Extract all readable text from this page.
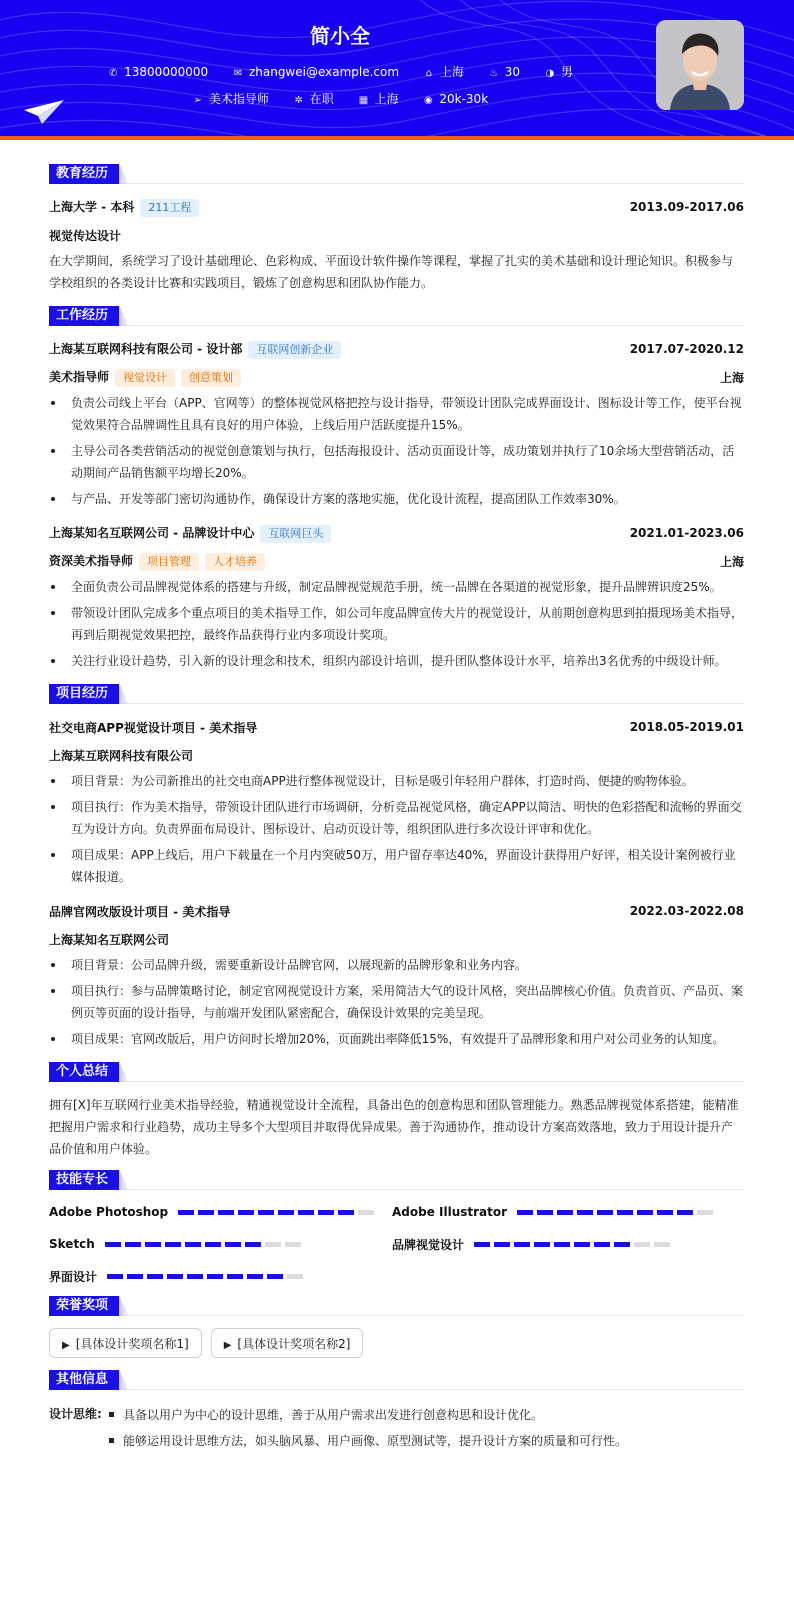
简小全
✆ 13800000000	✉ zhangwei@example.com	⌂ 上海	♨ 30	◑ 男
➢ 美术指导师	✲ 在职	▦ 上海	◉ 20k-30k
教育经历
上海大学 - 本科 211工程	2013.09-2017.06
视觉传达设计

在大学期间，系统学习了设计基础理论、色彩构成、平面设计软件操作等课程，掌握了扎实的美术基础和设计理论知识。积极参与学校组织的各类设计比赛和实践项目，锻炼了创意构思和团队协作能力。

工作经历
上海某互联网科技有限公司 - 设计部 互联网创新企业	2017.07-2020.12
美术指导师 视觉设计 创意策划	上海
负责公司线上平台（APP、官网等）的整体视觉风格把控与设计指导，带领设计团队完成界面设计、图标设计等工作，使平台视觉效果符合品牌调性且具有良好的用户体验，上线后用户活跃度提升15%。
主导公司各类营销活动的视觉创意策划与执行，包括海报设计、活动页面设计等，成功策划并执行了10余场大型营销活动，活动期间产品销售额平均增长20%。
与产品、开发等部门密切沟通协作，确保设计方案的落地实施，优化设计流程，提高团队工作效率30%。
上海某知名互联网公司 - 品牌设计中心 互联网巨头	2021.01-2023.06
资深美术指导师 项目管理 人才培养	上海
全面负责公司品牌视觉体系的搭建与升级，制定品牌视觉规范手册，统一品牌在各渠道的视觉形象，提升品牌辨识度25%。
带领设计团队完成多个重点项目的美术指导工作，如公司年度品牌宣传大片的视觉设计，从前期创意构思到拍摄现场美术指导，再到后期视觉效果把控，最终作品获得行业内多项设计奖项。
关注行业设计趋势，引入新的设计理念和技术，组织内部设计培训，提升团队整体设计水平，培养出3名优秀的中级设计师。
项目经历
社交电商APP视觉设计项目 - 美术指导	2018.05-2019.01
上海某互联网科技有限公司
项目背景：为公司新推出的社交电商APP进行整体视觉设计，目标是吸引年轻用户群体，打造时尚、便捷的购物体验。
项目执行：作为美术指导，带领设计团队进行市场调研，分析竞品视觉风格，确定APP以简洁、明快的色彩搭配和流畅的界面交互为设计方向。负责界面布局设计、图标设计、启动页设计等，组织团队进行多次设计评审和优化。
项目成果：APP上线后，用户下载量在一个月内突破50万，用户留存率达40%，界面设计获得用户好评，相关设计案例被行业媒体报道。
品牌官网改版设计项目 - 美术指导	2022.03-2022.08
上海某知名互联网公司
项目背景：公司品牌升级，需要重新设计品牌官网，以展现新的品牌形象和业务内容。
项目执行：参与品牌策略讨论，制定官网视觉设计方案，采用简洁大气的设计风格，突出品牌核心价值。负责首页、产品页、案例页等页面的设计指导，与前端开发团队紧密配合，确保设计效果的完美呈现。
项目成果：官网改版后，用户访问时长增加20%，页面跳出率降低15%，有效提升了品牌形象和用户对公司业务的认知度。
个人总结

拥有[X]年互联网行业美术指导经验，精通视觉设计全流程，具备出色的创意构思和团队管理能力。熟悉品牌视觉体系搭建，能精准把握用户需求和行业趋势，成功主导多个大型项目并取得优异成果。善于沟通协作，推动设计方案高效落地，致力于用设计提升产品价值和用户体验。

技能专长
Adobe Photoshop	Adobe Illustrator
Sketch	品牌视觉设计
界面设计
荣誉奖项
▶ [具体设计奖项名称1]	▶ [具体设计奖项名称2]
其他信息
设计思维:	具备以用户为中心的设计思维，善于从用户需求出发进行创意构思和设计优化。
能够运用设计思维方法，如头脑风暴、用户画像、原型测试等，提升设计方案的质量和可行性。
